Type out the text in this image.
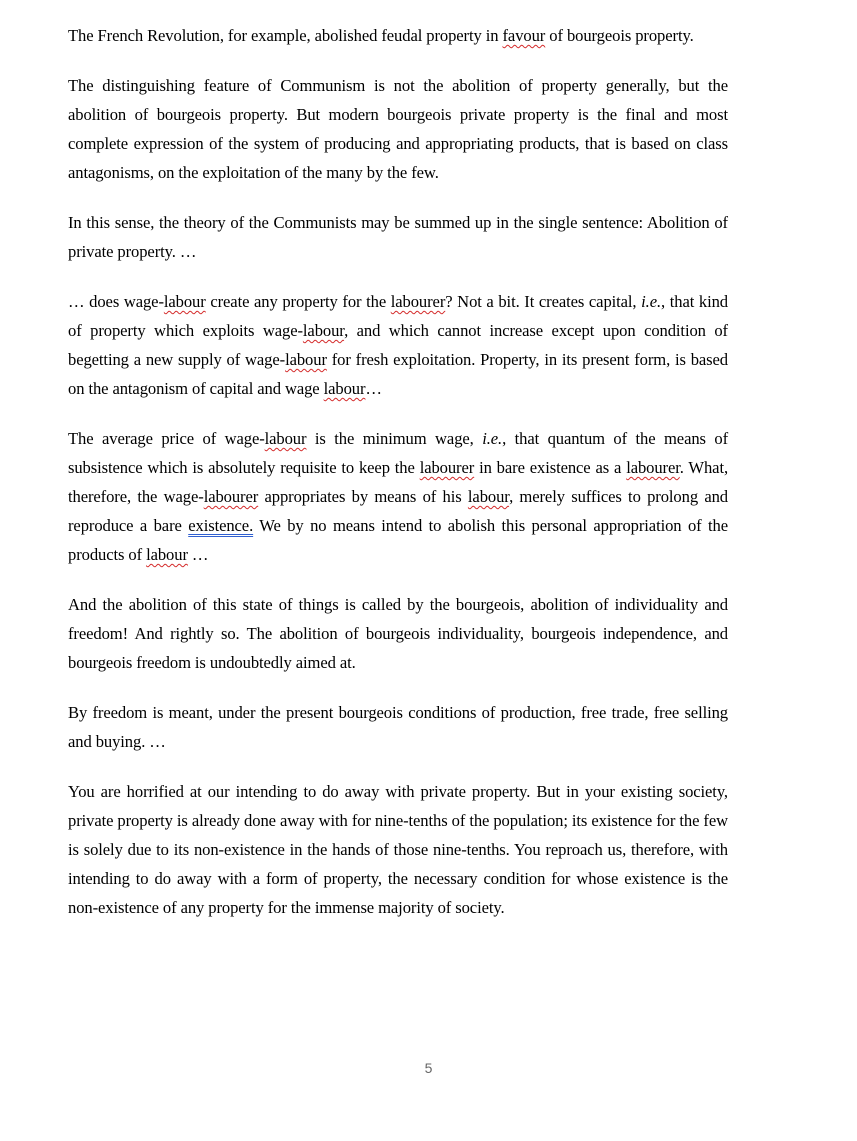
The French Revolution, for example, abolished feudal property in favour of bourgeois property.

The distinguishing feature of Communism is not the abolition of property generally, but the abolition of bourgeois property. But modern bourgeois private property is the final and most complete expression of the system of producing and appropriating products, that is based on class antagonisms, on the exploitation of the many by the few.

In this sense, the theory of the Communists may be summed up in the single sentence: Abolition of private property. …

… does wage-labour create any property for the labourer? Not a bit. It creates capital, i.e., that kind of property which exploits wage-labour, and which cannot increase except upon condition of begetting a new supply of wage-labour for fresh exploitation. Property, in its present form, is based on the antagonism of capital and wage labour…

The average price of wage-labour is the minimum wage, i.e., that quantum of the means of subsistence which is absolutely requisite to keep the labourer in bare existence as a labourer. What, therefore, the wage-labourer appropriates by means of his labour, merely suffices to prolong and reproduce a bare existence. We by no means intend to abolish this personal appropriation of the products of labour …

And the abolition of this state of things is called by the bourgeois, abolition of individuality and freedom! And rightly so. The abolition of bourgeois individuality, bourgeois independence, and bourgeois freedom is undoubtedly aimed at.

By freedom is meant, under the present bourgeois conditions of production, free trade, free selling and buying. …

You are horrified at our intending to do away with private property. But in your existing society, private property is already done away with for nine-tenths of the population; its existence for the few is solely due to its non-existence in the hands of those nine-tenths. You reproach us, therefore, with intending to do away with a form of property, the necessary condition for whose existence is the non-existence of any property for the immense majority of society.

5
